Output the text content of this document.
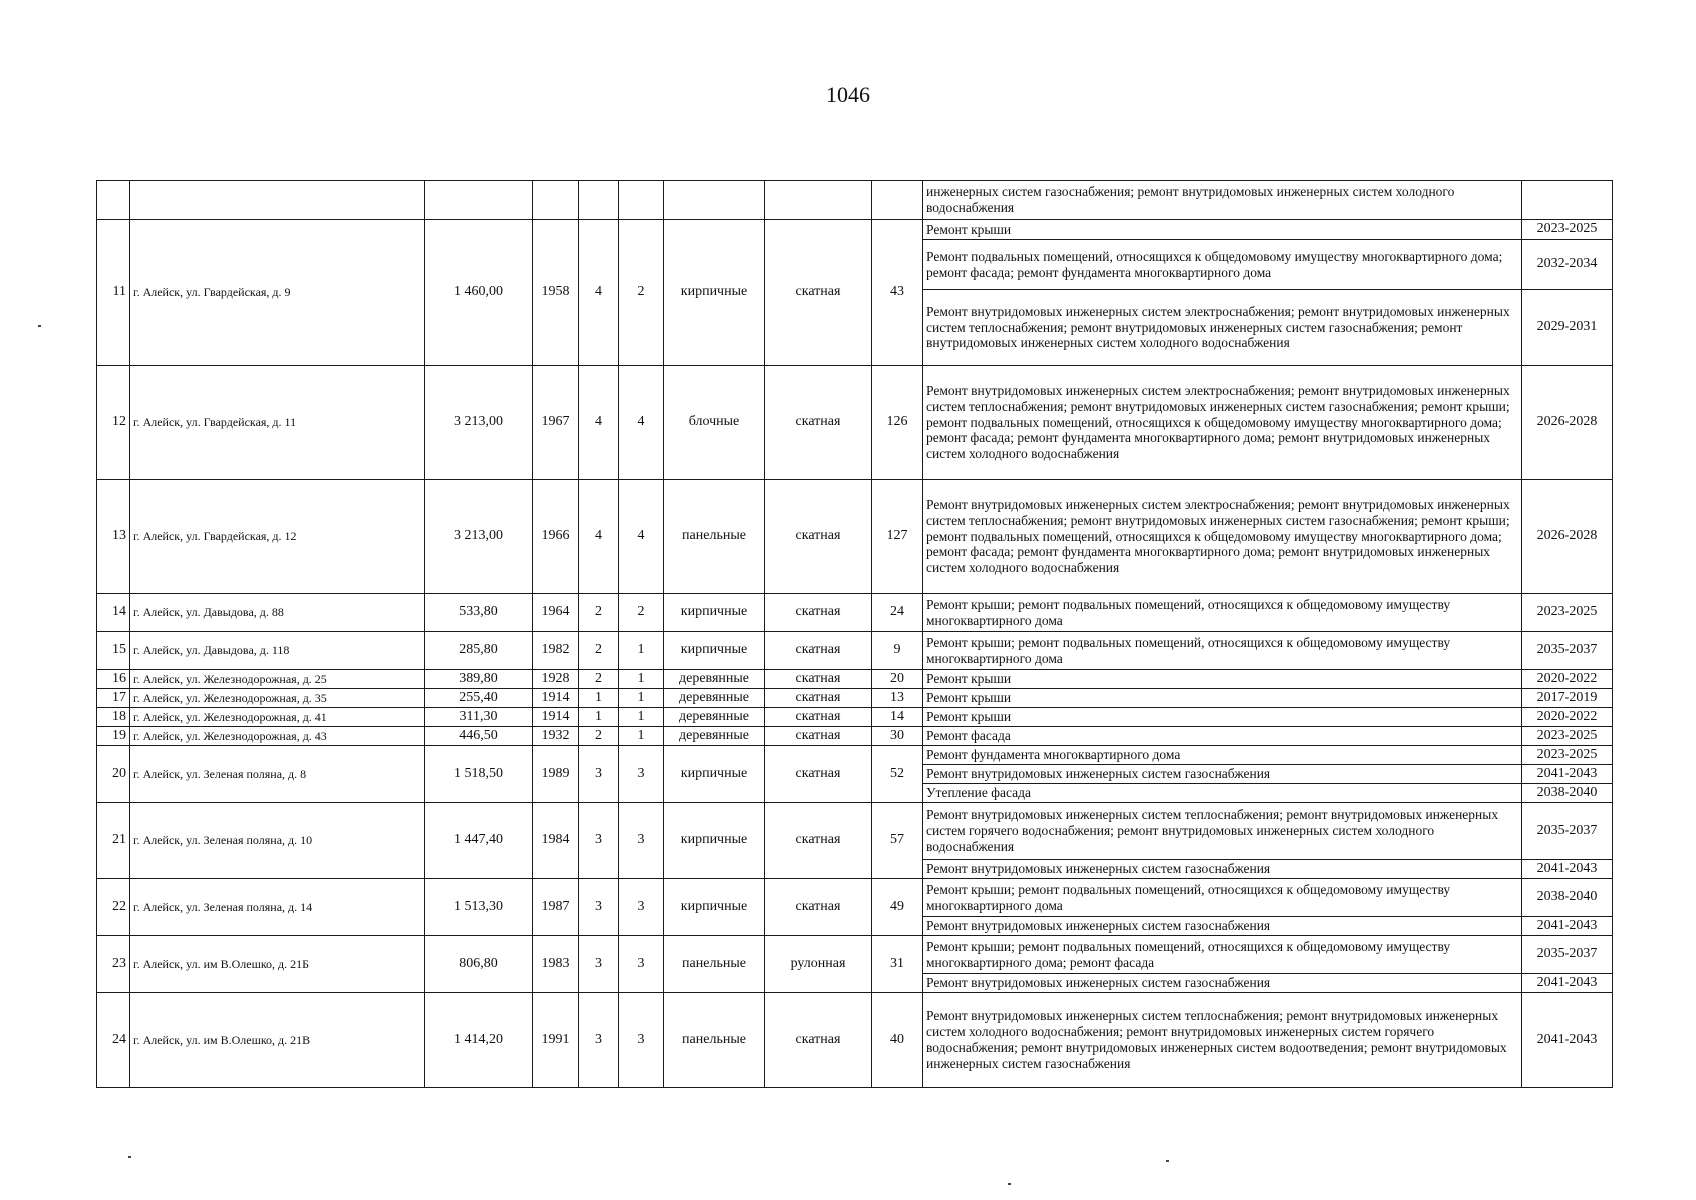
1046
									инженерных систем газоснабжения; ремонт внутридомовых инженерных систем холодного водоснабжения	
11	г. Алейск, ул. Гвардейская, д. 9	1 460,00	1958	4	2	кирпичные	скатная	43	Ремонт крыши	2023-2025
									Ремонт подвальных помещений, относящихся к общедомовому имуществу многоквартирного дома; ремонт фасада; ремонт фундамента многоквартирного дома	2032-2034
									Ремонт внутридомовых инженерных систем электроснабжения; ремонт внутридомовых инженерных систем теплоснабжения; ремонт внутридомовых инженерных систем газоснабжения; ремонт внутридомовых инженерных систем холодного водоснабжения	2029-2031
12	г. Алейск, ул. Гвардейская, д. 11	3 213,00	1967	4	4	блочные	скатная	126	Ремонт внутридомовых инженерных систем электроснабжения; ремонт внутридомовых инженерных систем теплоснабжения; ремонт внутридомовых инженерных систем газоснабжения; ремонт крыши; ремонт подвальных помещений, относящихся к общедомовому имуществу многоквартирного дома; ремонт фасада; ремонт фундамента многоквартирного дома; ремонт внутридомовых инженерных систем холодного водоснабжения	2026-2028
13	г. Алейск, ул. Гвардейская, д. 12	3 213,00	1966	4	4	панельные	скатная	127	Ремонт внутридомовых инженерных систем электроснабжения; ремонт внутридомовых инженерных систем теплоснабжения; ремонт внутридомовых инженерных систем газоснабжения; ремонт крыши; ремонт подвальных помещений, относящихся к общедомовому имуществу многоквартирного дома; ремонт фасада; ремонт фундамента многоквартирного дома; ремонт внутридомовых инженерных систем холодного водоснабжения	2026-2028
14	г. Алейск, ул. Давыдова, д. 88	533,80	1964	2	2	кирпичные	скатная	24	Ремонт крыши; ремонт подвальных помещений, относящихся к общедомовому имуществу многоквартирного дома	2023-2025
15	г. Алейск, ул. Давыдова, д. 118	285,80	1982	2	1	кирпичные	скатная	9	Ремонт крыши; ремонт подвальных помещений, относящихся к общедомовому имуществу многоквартирного дома	2035-2037
16	г. Алейск, ул. Железнодорожная, д. 25	389,80	1928	2	1	деревянные	скатная	20	Ремонт крыши	2020-2022
17	г. Алейск, ул. Железнодорожная, д. 35	255,40	1914	1	1	деревянные	скатная	13	Ремонт крыши	2017-2019
18	г. Алейск, ул. Железнодорожная, д. 41	311,30	1914	1	1	деревянные	скатная	14	Ремонт крыши	2020-2022
19	г. Алейск, ул. Железнодорожная, д. 43	446,50	1932	2	1	деревянные	скатная	30	Ремонт фасада	2023-2025
20	г. Алейск, ул. Зеленая поляна, д. 8	1 518,50	1989	3	3	кирпичные	скатная	52	Ремонт фундамента многоквартирного дома	2023-2025
									Ремонт внутридомовых инженерных систем газоснабжения	2041-2043
									Утепление фасада	2038-2040
21	г. Алейск, ул. Зеленая поляна, д. 10	1 447,40	1984	3	3	кирпичные	скатная	57	Ремонт внутридомовых инженерных систем теплоснабжения; ремонт внутридомовых инженерных систем горячего водоснабжения; ремонт внутридомовых инженерных систем холодного водоснабжения	2035-2037
									Ремонт внутридомовых инженерных систем газоснабжения	2041-2043
22	г. Алейск, ул. Зеленая поляна, д. 14	1 513,30	1987	3	3	кирпичные	скатная	49	Ремонт крыши; ремонт подвальных помещений, относящихся к общедомовому имуществу многоквартирного дома	2038-2040
									Ремонт внутридомовых инженерных систем газоснабжения	2041-2043
23	г. Алейск, ул. им В.Олешко, д. 21Б	806,80	1983	3	3	панельные	рулонная	31	Ремонт крыши; ремонт подвальных помещений, относящихся к общедомовому имуществу многоквартирного дома; ремонт фасада	2035-2037
									Ремонт внутридомовых инженерных систем газоснабжения	2041-2043
24	г. Алейск, ул. им В.Олешко, д. 21В	1 414,20	1991	3	3	панельные	скатная	40	Ремонт внутридомовых инженерных систем теплоснабжения; ремонт внутридомовых инженерных систем холодного водоснабжения; ремонт внутридомовых инженерных систем горячего водоснабжения; ремонт внутридомовых инженерных систем водоотведения; ремонт внутридомовых инженерных систем газоснабжения	2041-2043
